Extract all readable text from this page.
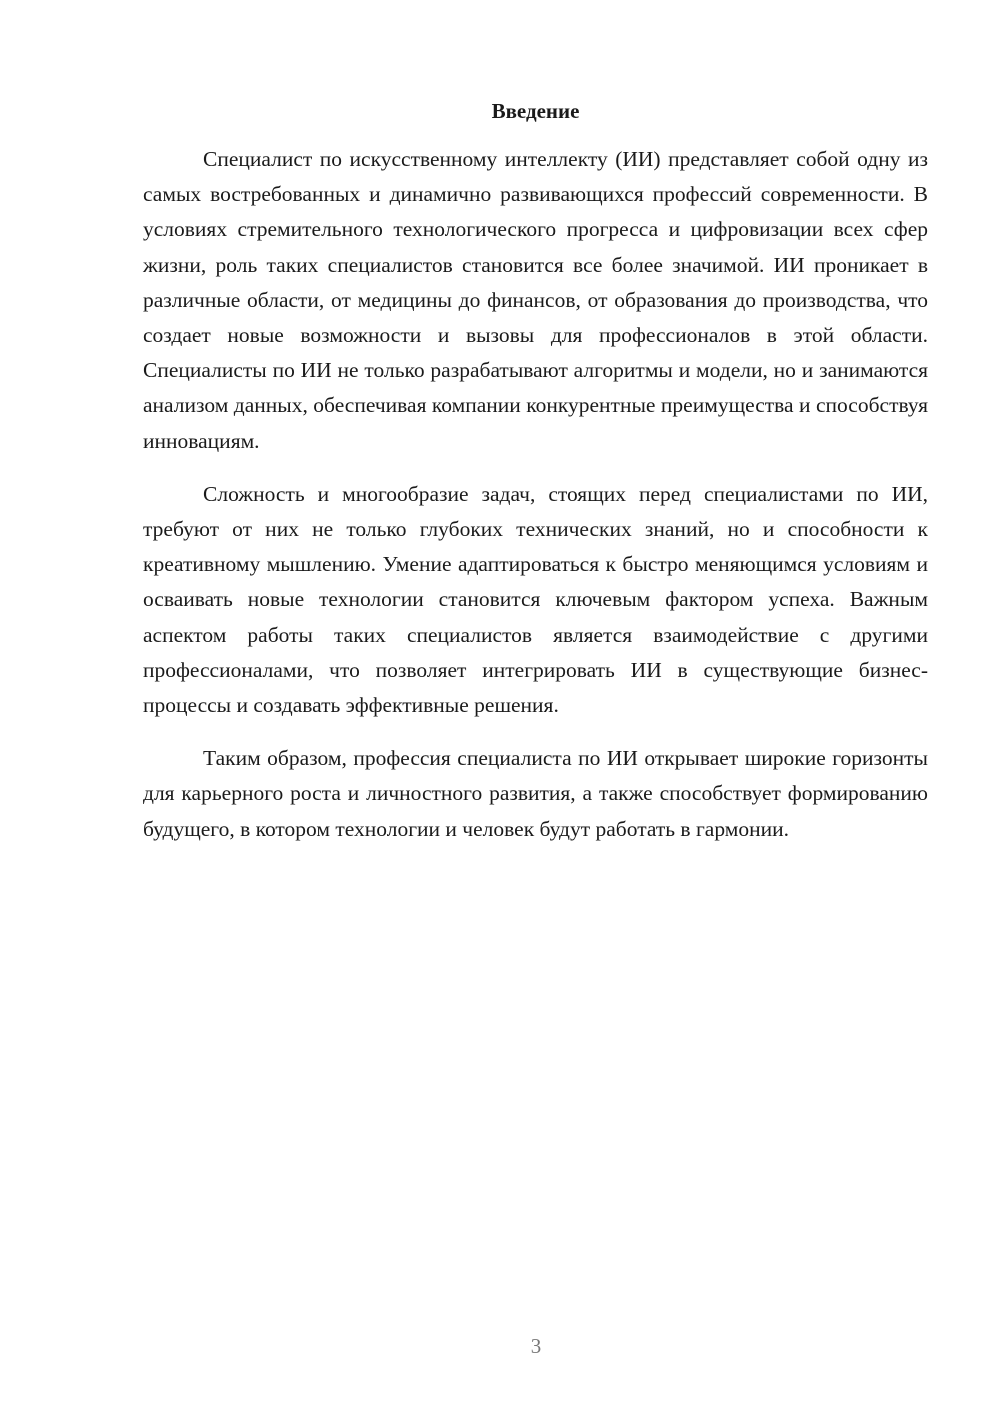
Введение

Специалист по искусственному интеллекту (ИИ) представляет собой одну из самых востребованных и динамично развивающихся профессий современности. В условиях стремительного технологического прогресса и цифровизации всех сфер жизни, роль таких специалистов становится все более значимой. ИИ проникает в различные области, от медицины до финансов, от образования до производства, что создает новые возможности и вызовы для профессионалов в этой области. Специалисты по ИИ не только разрабатывают алгоритмы и модели, но и занимаются анализом данных, обеспечивая компании конкурентные преимущества и способствуя инновациям.

Сложность и многообразие задач, стоящих перед специалистами по ИИ, требуют от них не только глубоких технических знаний, но и способности к креативному мышлению. Умение адаптироваться к быстро меняющимся условиям и осваивать новые технологии становится ключевым фактором успеха. Важным аспектом работы таких специалистов является взаимодействие с другими профессионалами, что позволяет интегрировать ИИ в существующие бизнес-процессы и создавать эффективные решения.

Таким образом, профессия специалиста по ИИ открывает широкие горизонты для карьерного роста и личностного развития, а также способствует формированию будущего, в котором технологии и человек будут работать в гармонии.

3
